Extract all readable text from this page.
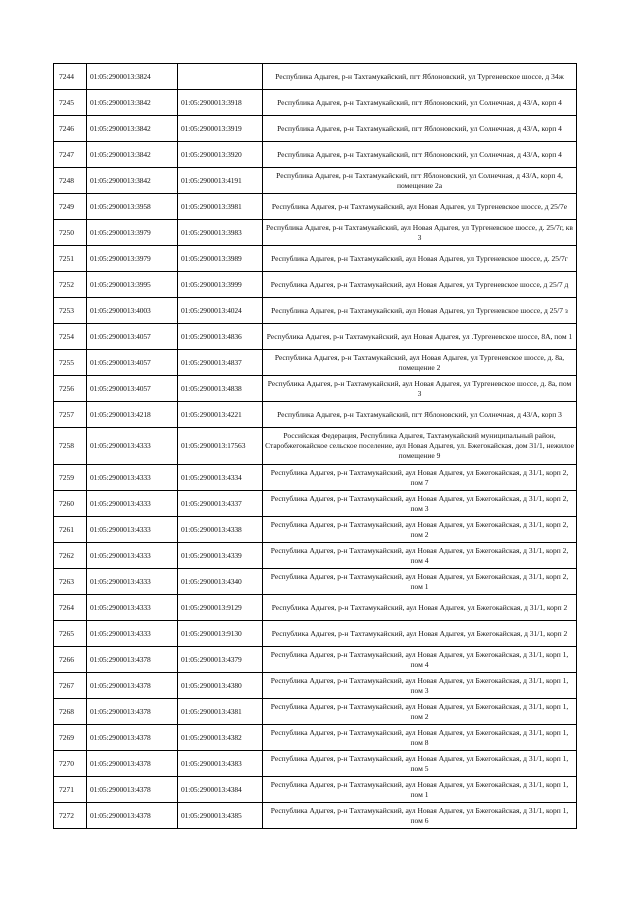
7244	01:05:2900013:3824		Республика Адыгея, р-н Тахтамукайский, пгт Яблоновский, ул Тургеневское шоссе, д 34ж
7245	01:05:2900013:3842	01:05:2900013:3918	Республика Адыгея, р-н Тахтамукайский, пгт Яблоновский, ул Солнечная, д 43/А, корп 4
7246	01:05:2900013:3842	01:05:2900013:3919	Республика Адыгея, р-н Тахтамукайский, пгт Яблоновский, ул Солнечная, д 43/А, корп 4
7247	01:05:2900013:3842	01:05:2900013:3920	Республика Адыгея, р-н Тахтамукайский, пгт Яблоновский, ул Солнечная, д 43/А, корп 4
7248	01:05:2900013:3842	01:05:2900013:4191	Республика Адыгея, р-н Тахтамукайский, пгт Яблоновский, ул Солнечная, д 43/А, корп 4, помещение 2а
7249	01:05:2900013:3958	01:05:2900013:3981	Республика Адыгея, р-н Тахтамукайский, аул Новая Адыгея, ул Тургеневское шоссе, д 25/7е
7250	01:05:2900013:3979	01:05:2900013:3983	Республика Адыгея, р-н Тахтамукайский, аул Новая Адыгея, ул Тургеневское шоссе, д. 25/7г, кв 3
7251	01:05:2900013:3979	01:05:2900013:3989	Республика Адыгея, р-н Тахтамукайский, аул Новая Адыгея, ул Тургеневское шоссе, д. 25/7г
7252	01:05:2900013:3995	01:05:2900013:3999	Республика Адыгея, р-н Тахтамукайский, аул Новая Адыгея, ул Тургеневское шоссе, д 25/7 д
7253	01:05:2900013:4003	01:05:2900013:4024	Республика Адыгея, р-н Тахтамукайский, аул Новая Адыгея, ул Тургеневское шоссе, д 25/7 з
7254	01:05:2900013:4057	01:05:2900013:4836	Республика Адыгея, р-н Тахтамукайский, аул Новая Адыгея, ул .Тургеневское шоссе, 8А, пом 1
7255	01:05:2900013:4057	01:05:2900013:4837	Республика Адыгея, р-н Тахтамукайский, аул Новая Адыгея, ул Тургеневское шоссе, д. 8а, помещение 2
7256	01:05:2900013:4057	01:05:2900013:4838	Республика Адыгея, р-н Тахтамукайский, аул Новая Адыгея, ул Тургеневское шоссе, д. 8а, пом 3
7257	01:05:2900013:4218	01:05:2900013:4221	Республика Адыгея, р-н Тахтамукайский, пгт Яблоновский, ул Солнечная, д 43/А, корп 3
7258	01:05:2900013:4333	01:05:2900013:17563	Российская Федерация, Республика Адыгея, Тахтамукайский муниципальный район, Старобжегокайское сельское поселение, аул Новая Адыгея, ул. Бжегокайская, дом 31/1, нежилое помещение 9
7259	01:05:2900013:4333	01:05:2900013:4334	Республика Адыгея, р-н Тахтамукайский, аул Новая Адыгея, ул Бжегокайская, д 31/1, корп 2, пом 7
7260	01:05:2900013:4333	01:05:2900013:4337	Республика Адыгея, р-н Тахтамукайский, аул Новая Адыгея, ул Бжегокайская, д 31/1, корп 2, пом 3
7261	01:05:2900013:4333	01:05:2900013:4338	Республика Адыгея, р-н Тахтамукайский, аул Новая Адыгея, ул Бжегокайская, д 31/1, корп 2, пом 2
7262	01:05:2900013:4333	01:05:2900013:4339	Республика Адыгея, р-н Тахтамукайский, аул Новая Адыгея, ул Бжегокайская, д 31/1, корп 2, пом 4
7263	01:05:2900013:4333	01:05:2900013:4340	Республика Адыгея, р-н Тахтамукайский, аул Новая Адыгея, ул Бжегокайская, д 31/1, корп 2, пом 1
7264	01:05:2900013:4333	01:05:2900013:9129	Республика Адыгея, р-н Тахтамукайский, аул Новая Адыгея, ул Бжегокайская, д 31/1, корп 2
7265	01:05:2900013:4333	01:05:2900013:9130	Республика Адыгея, р-н Тахтамукайский, аул Новая Адыгея, ул Бжегокайская, д 31/1, корп 2
7266	01:05:2900013:4378	01:05:2900013:4379	Республика Адыгея, р-н Тахтамукайский, аул Новая Адыгея, ул Бжегокайская, д 31/1, корп 1, пом 4
7267	01:05:2900013:4378	01:05:2900013:4380	Республика Адыгея, р-н Тахтамукайский, аул Новая Адыгея, ул Бжегокайская, д 31/1, корп 1, пом 3
7268	01:05:2900013:4378	01:05:2900013:4381	Республика Адыгея, р-н Тахтамукайский, аул Новая Адыгея, ул Бжегокайская, д 31/1, корп 1, пом 2
7269	01:05:2900013:4378	01:05:2900013:4382	Республика Адыгея, р-н Тахтамукайский, аул Новая Адыгея, ул Бжегокайская, д 31/1, корп 1, пом 8
7270	01:05:2900013:4378	01:05:2900013:4383	Республика Адыгея, р-н Тахтамукайский, аул Новая Адыгея, ул Бжегокайская, д 31/1, корп 1, пом 5
7271	01:05:2900013:4378	01:05:2900013:4384	Республика Адыгея, р-н Тахтамукайский, аул Новая Адыгея, ул Бжегокайская, д 31/1, корп 1, пом 1
7272	01:05:2900013:4378	01:05:2900013:4385	Республика Адыгея, р-н Тахтамукайский, аул Новая Адыгея, ул Бжегокайская, д 31/1, корп 1, пом 6
